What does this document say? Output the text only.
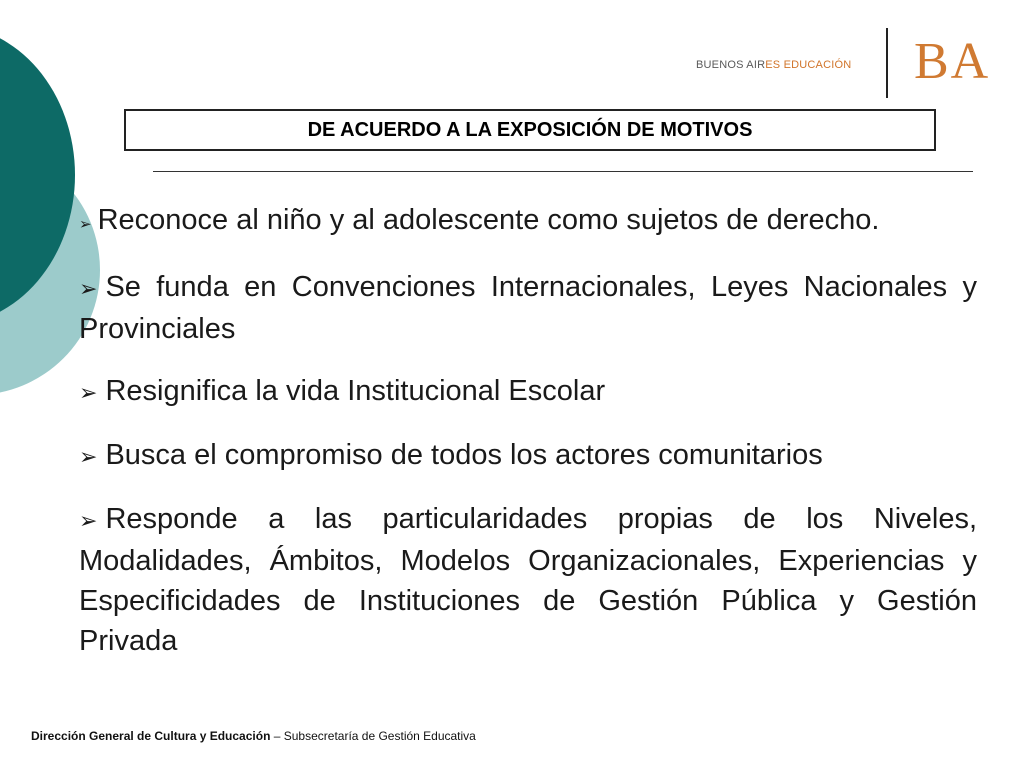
BUENOS AIRES EDUCACIÓN BA
DE ACUERDO A LA EXPOSICIÓN DE MOTIVOS
➢ Reconoce al niño y al adolescente como sujetos de derecho.
➢ Se funda en Convenciones Internacionales, Leyes Nacionales y Provinciales
➢ Resignifica la vida Institucional Escolar
➢ Busca el compromiso de todos los actores comunitarios
➢ Responde a las particularidades propias de los Niveles, Modalidades, Ámbitos, Modelos Organizacionales, Experiencias y Especificidades de Instituciones de Gestión Pública y Gestión Privada
Dirección General de Cultura y Educación – Subsecretaría de Gestión Educativa
